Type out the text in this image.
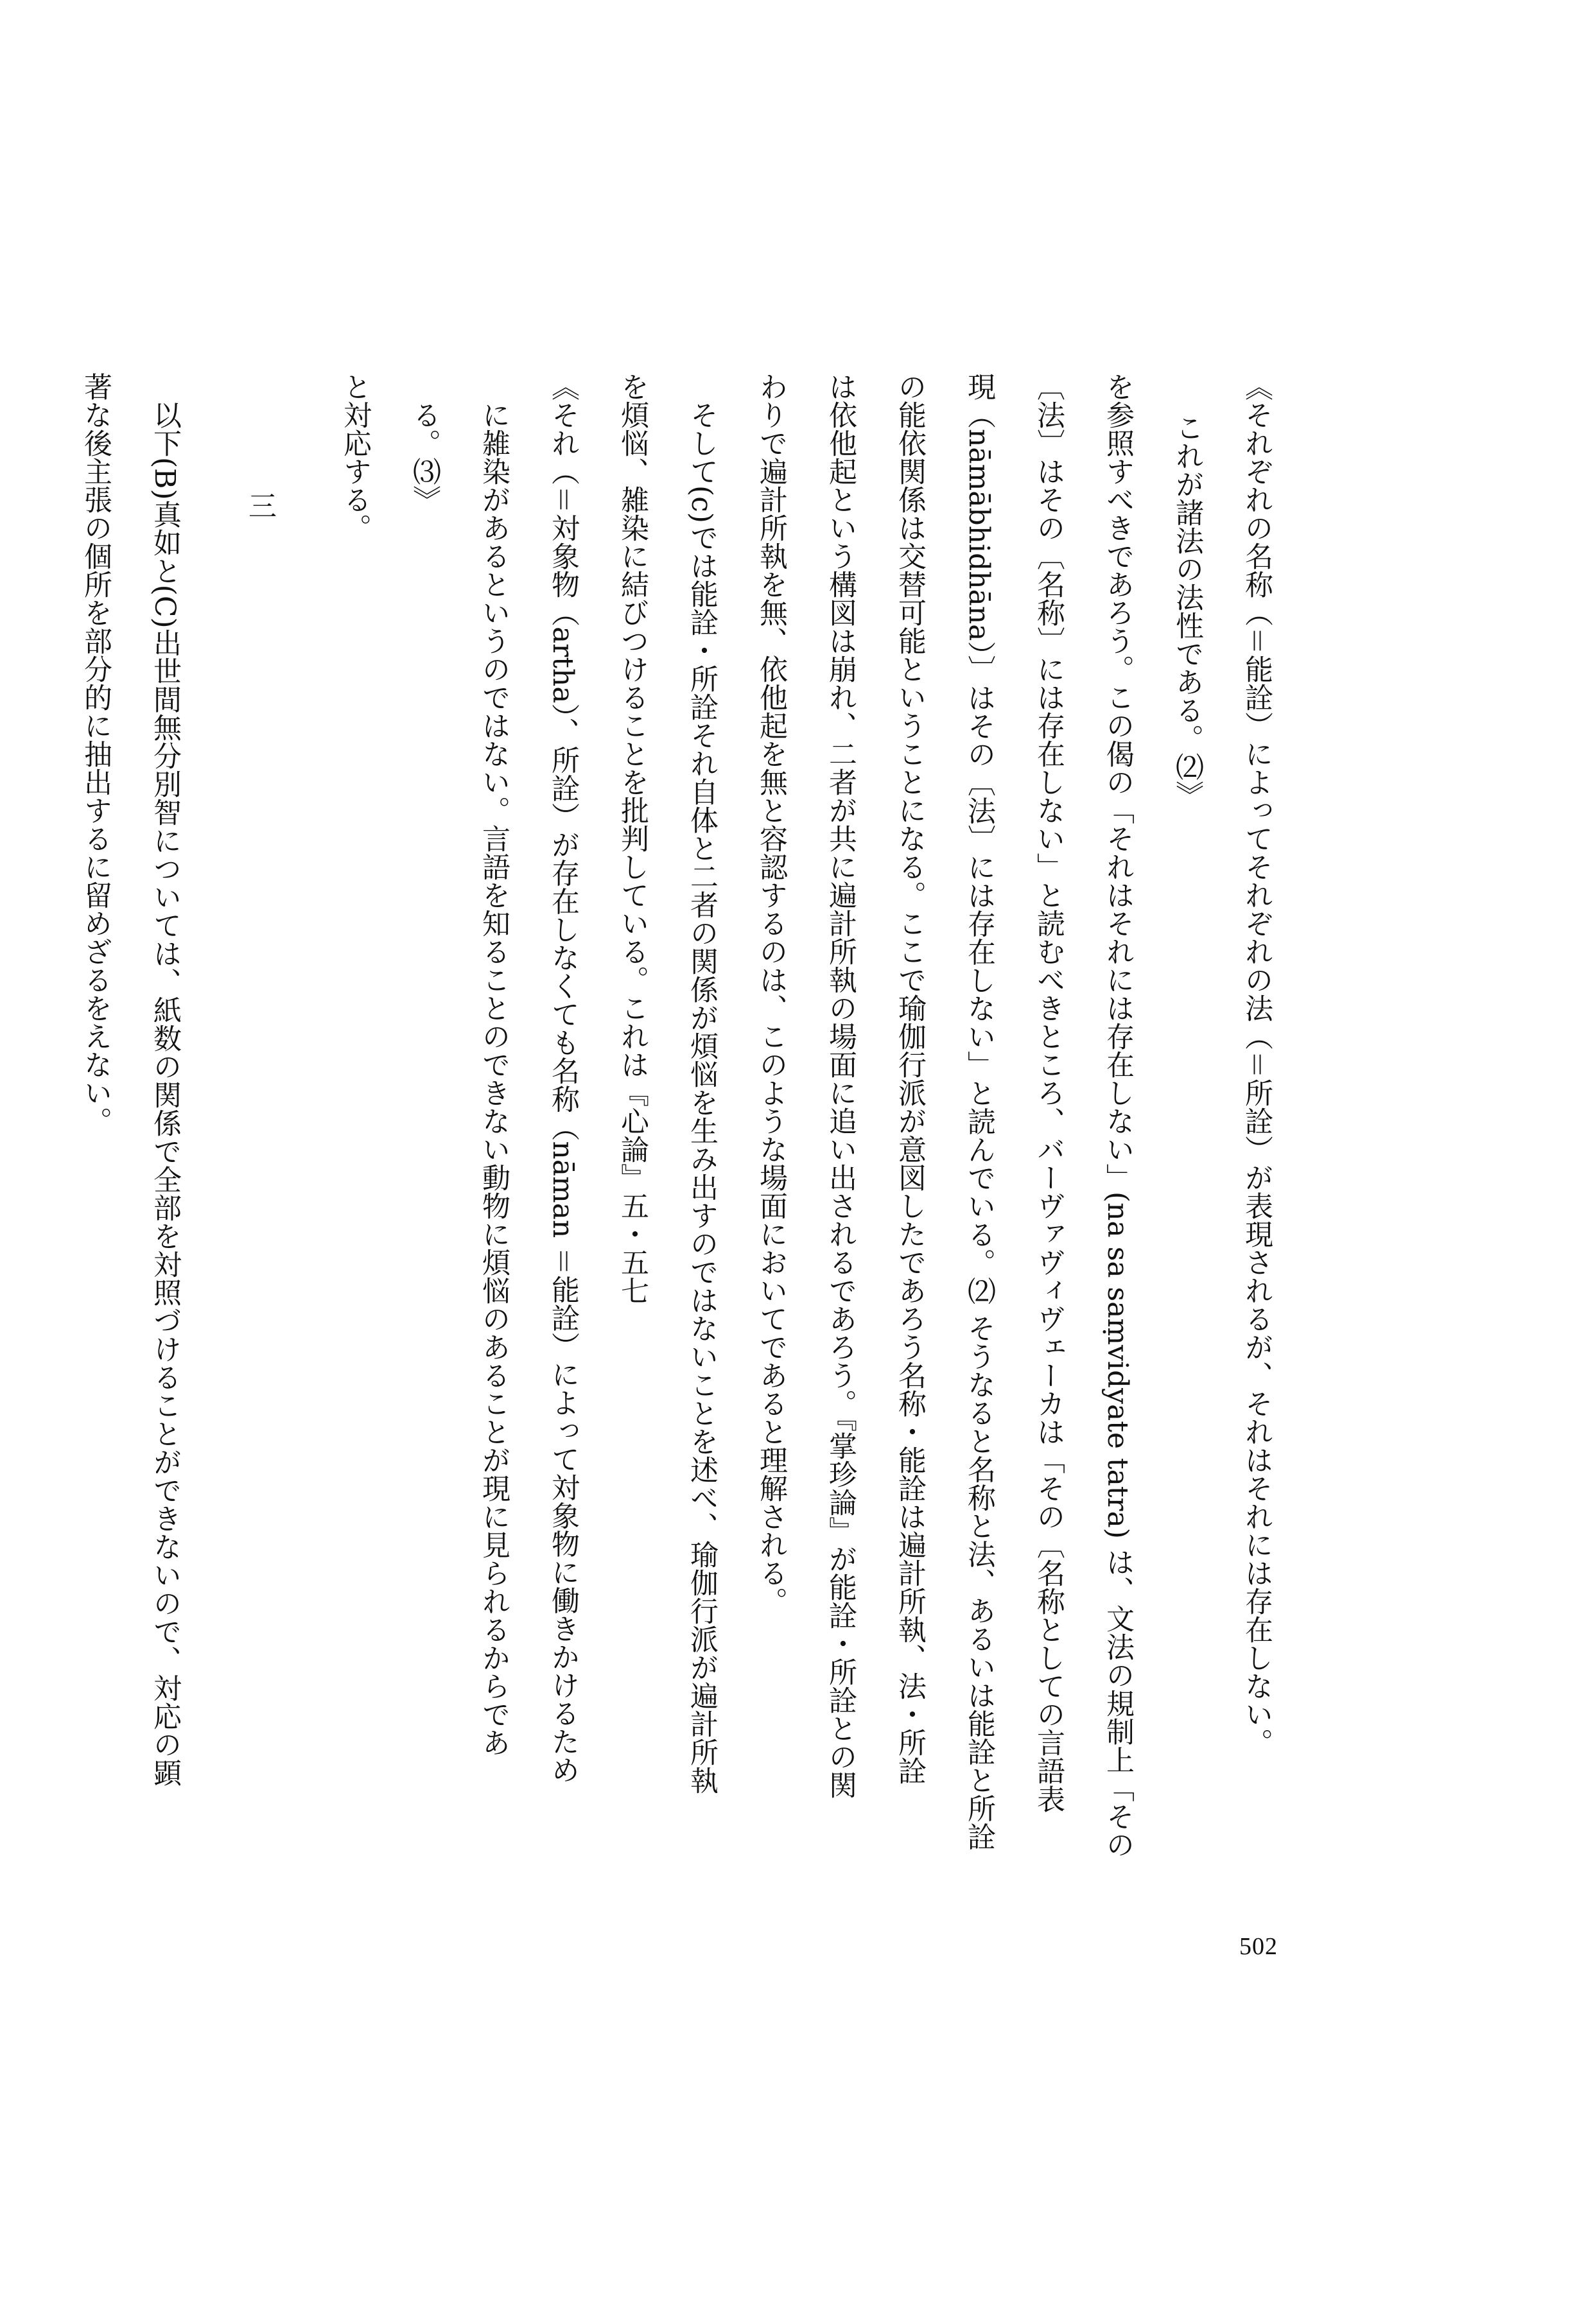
《それぞれの名称（＝能詮）によってそれぞれの法（＝所詮）が表現されるが、それはそれには存在しない。
これが諸法の法性である。⑵》
を参照すべきであろう。この偈の「それはそれには存在しない」(na sa saṃvidyate tatra) は、文法の規制上「その
〔法〕はその〔名称〕には存在しない」と読むべきところ、バーヴァヴィヴェーカは「その〔名称としての言語表
現（nāmābhidhāna）〕はその〔法〕には存在しない」と読んでいる。⑵ そうなると名称と法、あるいは能詮と所詮
の能依関係は交替可能ということになる。ここで瑜伽行派が意図したであろう名称・能詮は遍計所執、法・所詮
は依他起という構図は崩れ、二者が共に遍計所執の場面に追い出されるであろう。『掌珍論』が能詮・所詮との関
わりで遍計所執を無、依他起を無と容認するのは、このような場面においてであると理解される。
そして(c)では能詮・所詮それ自体と二者の関係が煩悩を生み出すのではないことを述べ、瑜伽行派が遍計所執
を煩悩、雑染に結びつけることを批判している。これは『心論』五・五七
《それ（＝対象物（artha）、所詮）が存在しなくても名称（nāman ＝能詮）によって対象物に働きかけるため
に雑染があるというのではない。言語を知ることのできない動物に煩悩のあることが現に見られるからであ
る。⑶》
と対応する。
三
以下(B)真如と(C)出世間無分別智については、紙数の関係で全部を対照づけることができないので、対応の顕
著な後主張の個所を部分的に抽出するに留めざるをえない。
502
